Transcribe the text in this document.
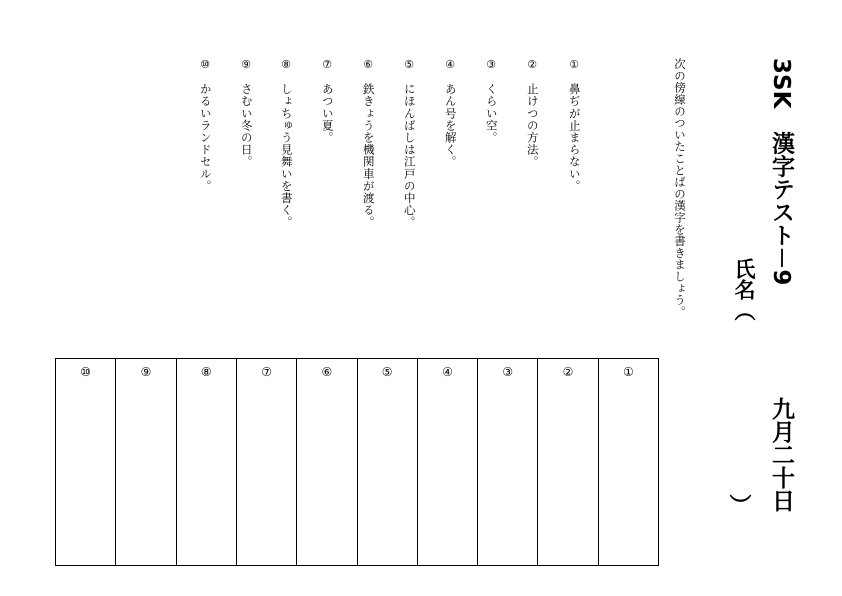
3SK　漢字テスト－9
氏名（
九月二十日
）
次の傍線のついたことばの漢字を書きましょう。
①
鼻ぢが止まらない。
②
止けつの方法。
③
くらい空。
④
あん号を解く。
⑤
にほんばしは江戸の中心。
⑥
鉄きょうを機関車が渡る。
⑦
あつい夏。
⑧
しょちゅう見舞いを書く。
⑨
さむい冬の日。
⑩
かるいランドセル。
①
②
③
④
⑤
⑥
⑦
⑧
⑨
⑩
